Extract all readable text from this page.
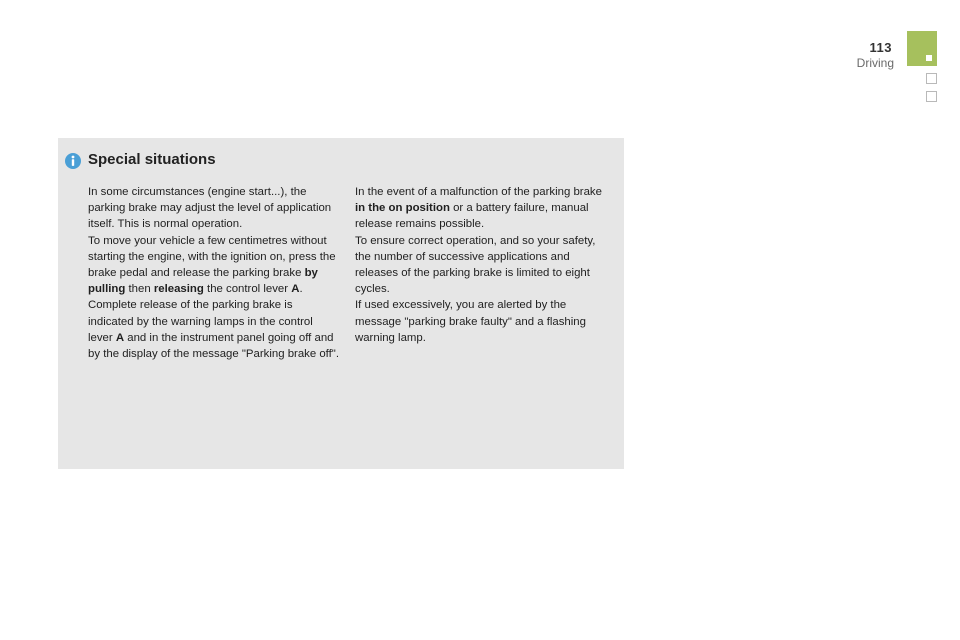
113
Driving
Special situations

In some circumstances (engine start...), the parking brake may adjust the level of application itself. This is normal operation.

To move your vehicle a few centimetres without starting the engine, with the ignition on, press the brake pedal and release the parking brake by pulling then releasing the control lever A. Complete release of the parking brake is indicated by the warning lamps in the control lever A and in the instrument panel going off and by the display of the message "Parking brake off".

In the event of a malfunction of the parking brake in the on position or a battery failure, manual release remains possible.

To ensure correct operation, and so your safety, the number of successive applications and releases of the parking brake is limited to eight cycles.

If used excessively, you are alerted by the message "parking brake faulty" and a flashing warning lamp.
